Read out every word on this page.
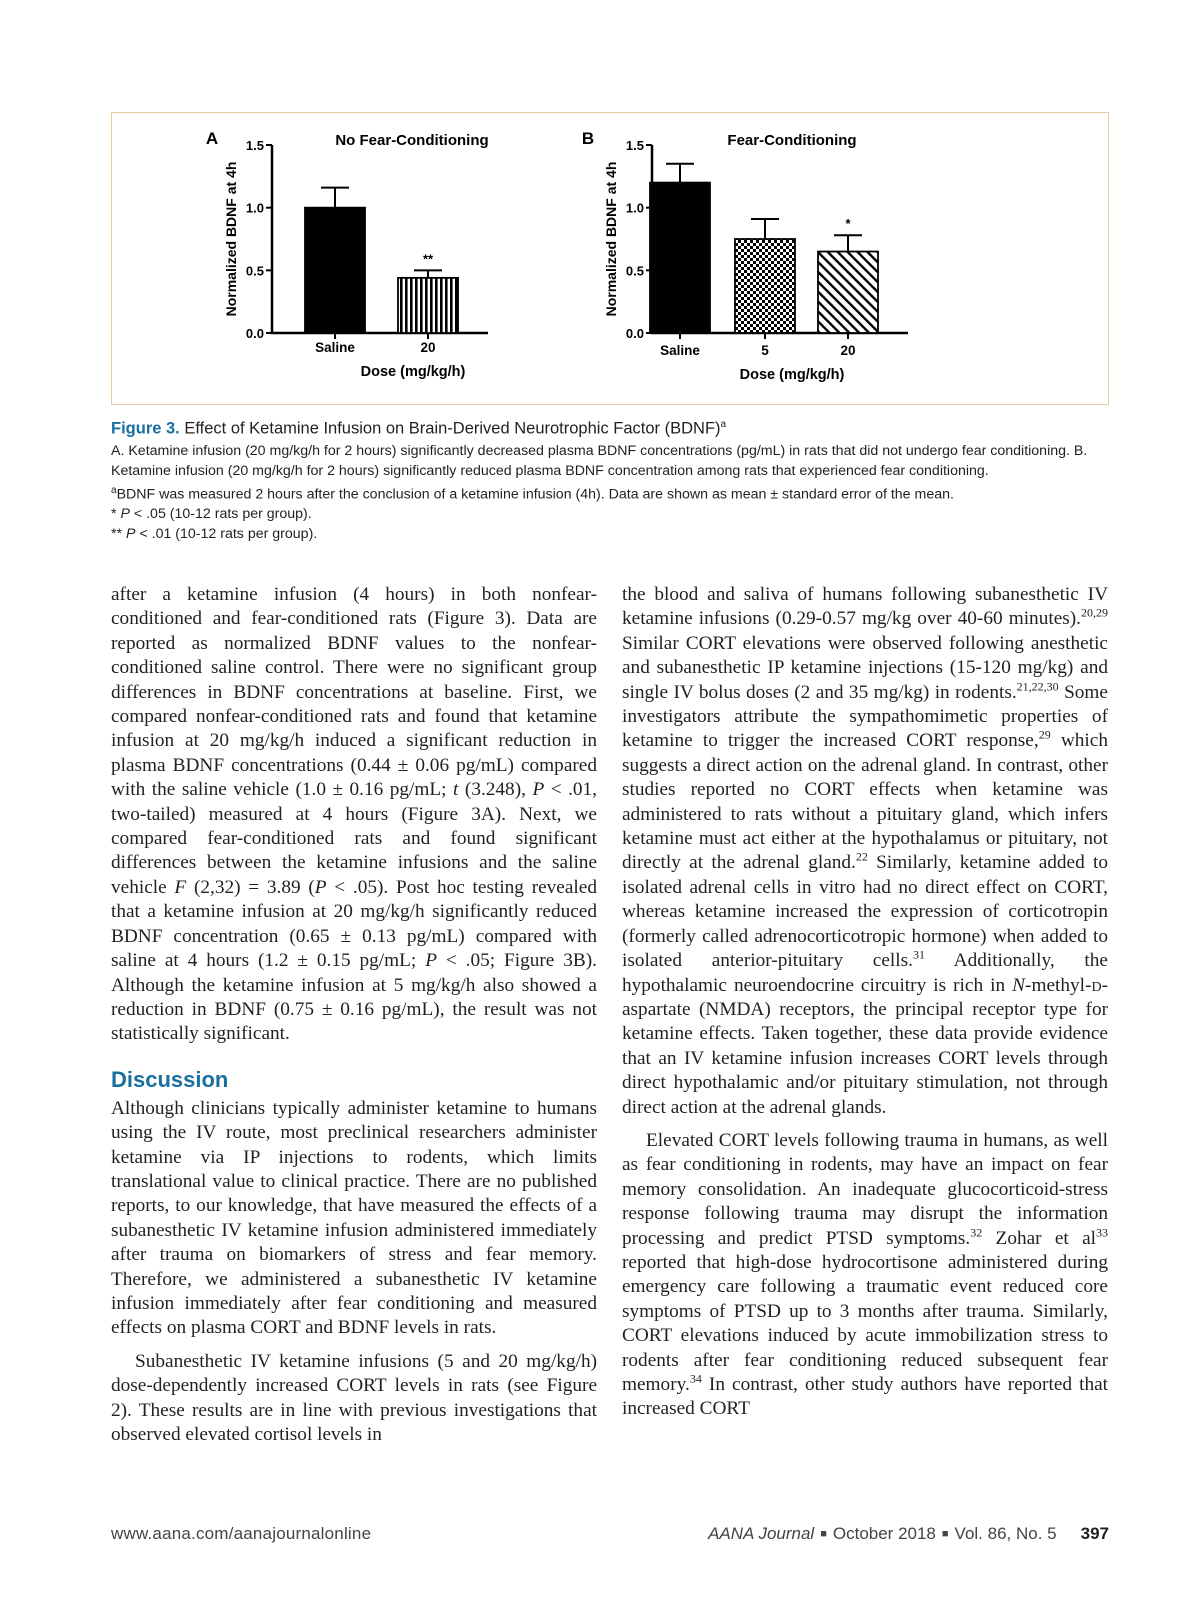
A	No Fear-Conditioning
Normalized BDNF at 4h
0.0
0.5
1.0
1.5
Saline	20
**
Dose (mg/kg/h)
B	Fear-Conditioning
Normalized BDNF at 4h
0.0
0.5
1.0
1.5
Saline	5	20
*
Dose (mg/kg/h)
Figure 3. Effect of Ketamine Infusion on Brain-Derived Neurotrophic Factor (BDNF)$^a$
A. Ketamine infusion (20 mg/kg/h for 2 hours) significantly decreased plasma BDNF concentrations (pg/mL) in rats that did not undergo fear conditioning. B. Ketamine infusion (20 mg/kg/h for 2 hours) significantly reduced plasma BDNF concentration among rats that experienced fear conditioning.
$^a$BDNF was measured 2 hours after the conclusion of a ketamine infusion (4h). Data are shown as mean ± standard error of the mean.
* P < .05 (10-12 rats per group).
** P < .01 (10-12 rats per group).

after a ketamine infusion (4 hours) in both nonfear-conditioned and fear-conditioned rats (Figure 3). Data are reported as normalized BDNF values to the nonfear-conditioned saline control. There were no significant group differences in BDNF concentrations at baseline. First, we compared nonfear-conditioned rats and found that ketamine infusion at 20 mg/kg/h induced a significant reduction in plasma BDNF concentrations (0.44 ± 0.06 pg/mL) compared with the saline vehicle (1.0 ± 0.16 pg/mL; t (3.248), P < .01, two-tailed) measured at 4 hours (Figure 3A). Next, we compared fear-conditioned rats and found significant differences between the ketamine infusions and the saline vehicle F (2,32) = 3.89 (P < .05). Post hoc testing revealed that a ketamine infusion at 20 mg/kg/h significantly reduced BDNF concentration (0.65 ± 0.13 pg/mL) compared with saline at 4 hours (1.2 ± 0.15 pg/mL; P < .05; Figure 3B). Although the ketamine infusion at 5 mg/kg/h also showed a reduction in BDNF (0.75 ± 0.16 pg/mL), the result was not statistically significant.

Discussion

Although clinicians typically administer ketamine to humans using the IV route, most preclinical researchers administer ketamine via IP injections to rodents, which limits translational value to clinical practice. There are no published reports, to our knowledge, that have measured the effects of a subanesthetic IV ketamine infusion administered immediately after trauma on biomarkers of stress and fear memory. Therefore, we administered a subanesthetic IV ketamine infusion immediately after fear conditioning and measured effects on plasma CORT and BDNF levels in rats.

Subanesthetic IV ketamine infusions (5 and 20 mg/kg/h) dose-dependently increased CORT levels in rats (see Figure 2). These results are in line with previous investigations that observed elevated cortisol levels in

the blood and saliva of humans following subanesthetic IV ketamine infusions (0.29-0.57 mg/kg over 40-60 minutes).$^{20,29}$ Similar CORT elevations were observed following anesthetic and subanesthetic IP ketamine injections (15-120 mg/kg) and single IV bolus doses (2 and 35 mg/kg) in rodents.$^{21,22,30}$ Some investigators attribute the sympathomimetic properties of ketamine to trigger the increased CORT response,$^{29}$ which suggests a direct action on the adrenal gland. In contrast, other studies reported no CORT effects when ketamine was administered to rats without a pituitary gland, which infers ketamine must act either at the hypothalamus or pituitary, not directly at the adrenal gland.$^{22}$ Similarly, ketamine added to isolated adrenal cells in vitro had no direct effect on CORT, whereas ketamine increased the expression of corticotropin (formerly called adrenocorticotropic hormone) when added to isolated anterior-pituitary cells.$^{31}$ Additionally, the hypothalamic neuroendocrine circuitry is rich in N-methyl-d-aspartate (NMDA) receptors, the principal receptor type for ketamine effects. Taken together, these data provide evidence that an IV ketamine infusion increases CORT levels through direct hypothalamic and/or pituitary stimulation, not through direct action at the adrenal glands.

Elevated CORT levels following trauma in humans, as well as fear conditioning in rodents, may have an impact on fear memory consolidation. An inadequate glucocorticoid-stress response following trauma may disrupt the information processing and predict PTSD symptoms.$^{32}$ Zohar et $al^{33}$ reported that high-dose hydrocortisone administered during emergency care following a traumatic event reduced core symptoms of PTSD up to 3 months after trauma. Similarly, CORT elevations induced by acute immobilization stress to rodents after fear conditioning reduced subsequent fear memory.$^{34}$ In contrast, other study authors have reported that increased CORT

www.aana.com/aanajournalonline	AANA Journal ■ October 2018 ■ Vol. 86, No. 5 397
